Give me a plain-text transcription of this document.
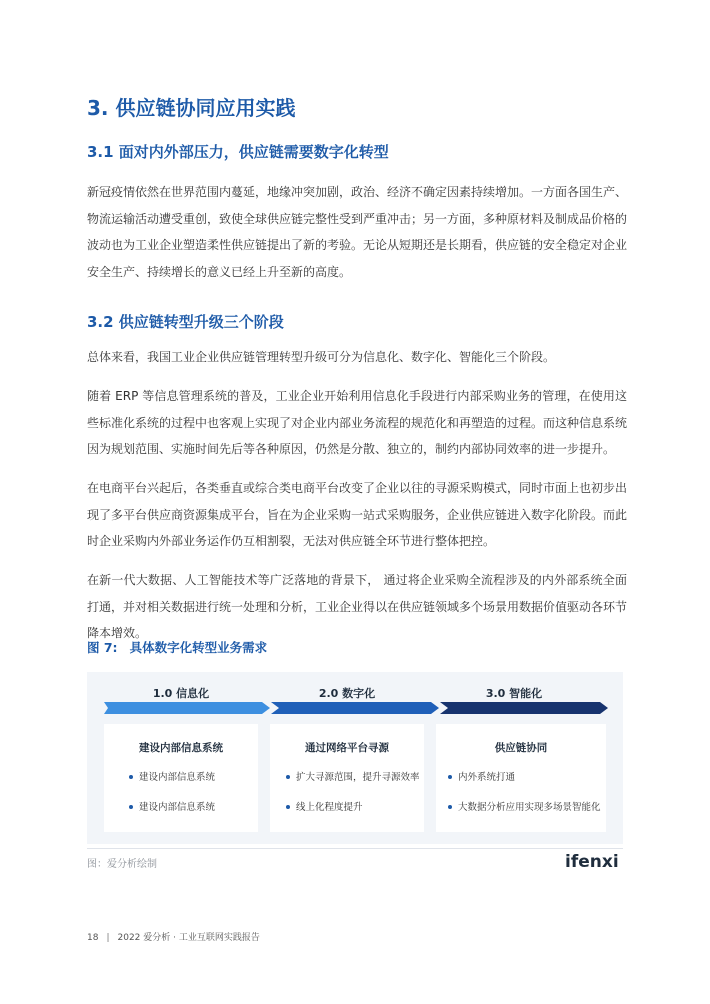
3. 供应链协同应用实践
3.1 面对内外部压力，供应链需要数字化转型

新冠疫情依然在世界范围内蔓延，地缘冲突加剧，政治、经济不确定因素持续增加。一方面各国生产、物流运输活动遭受重创，致使全球供应链完整性受到严重冲击；另一方面，多种原材料及制成品价格的波动也为工业企业塑造柔性供应链提出了新的考验。无论从短期还是长期看，供应链的安全稳定对企业安全生产、持续增长的意义已经上升至新的高度。

3.2 供应链转型升级三个阶段

总体来看，我国工业企业供应链管理转型升级可分为信息化、数字化、智能化三个阶段。

随着 ERP 等信息管理系统的普及，工业企业开始利用信息化手段进行内部采购业务的管理，在使用这些标准化系统的过程中也客观上实现了对企业内部业务流程的规范化和再塑造的过程。而这种信息系统因为规划范围、实施时间先后等各种原因，仍然是分散、独立的，制约内部协同效率的进一步提升。

在电商平台兴起后，各类垂直或综合类电商平台改变了企业以往的寻源采购模式，同时市面上也初步出现了多平台供应商资源集成平台，旨在为企业采购一站式采购服务，企业供应链进入数字化阶段。而此时企业采购内外部业务运作仍互相割裂，无法对供应链全环节进行整体把控。

在新一代大数据、人工智能技术等广泛落地的背景下， 通过将企业采购全流程涉及的内外部系统全面打通，并对相关数据进行统一处理和分析，工业企业得以在供应链领域多个场景用数据价值驱动各环节降本增效。

图 7: 具体数字化转型业务需求
1.0 信息化	2.0 数字化	3.0 智能化
建设内部信息系统
建设内部信息系统
建设内部信息系统
通过网络平台寻源
扩大寻源范围，提升寻源效率
线上化程度提升
供应链协同
内外系统打通
大数据分析应用实现多场景智能化
图：爱分析绘制	ifenxi
18 | 2022 爱分析 · 工业互联网实践报告
